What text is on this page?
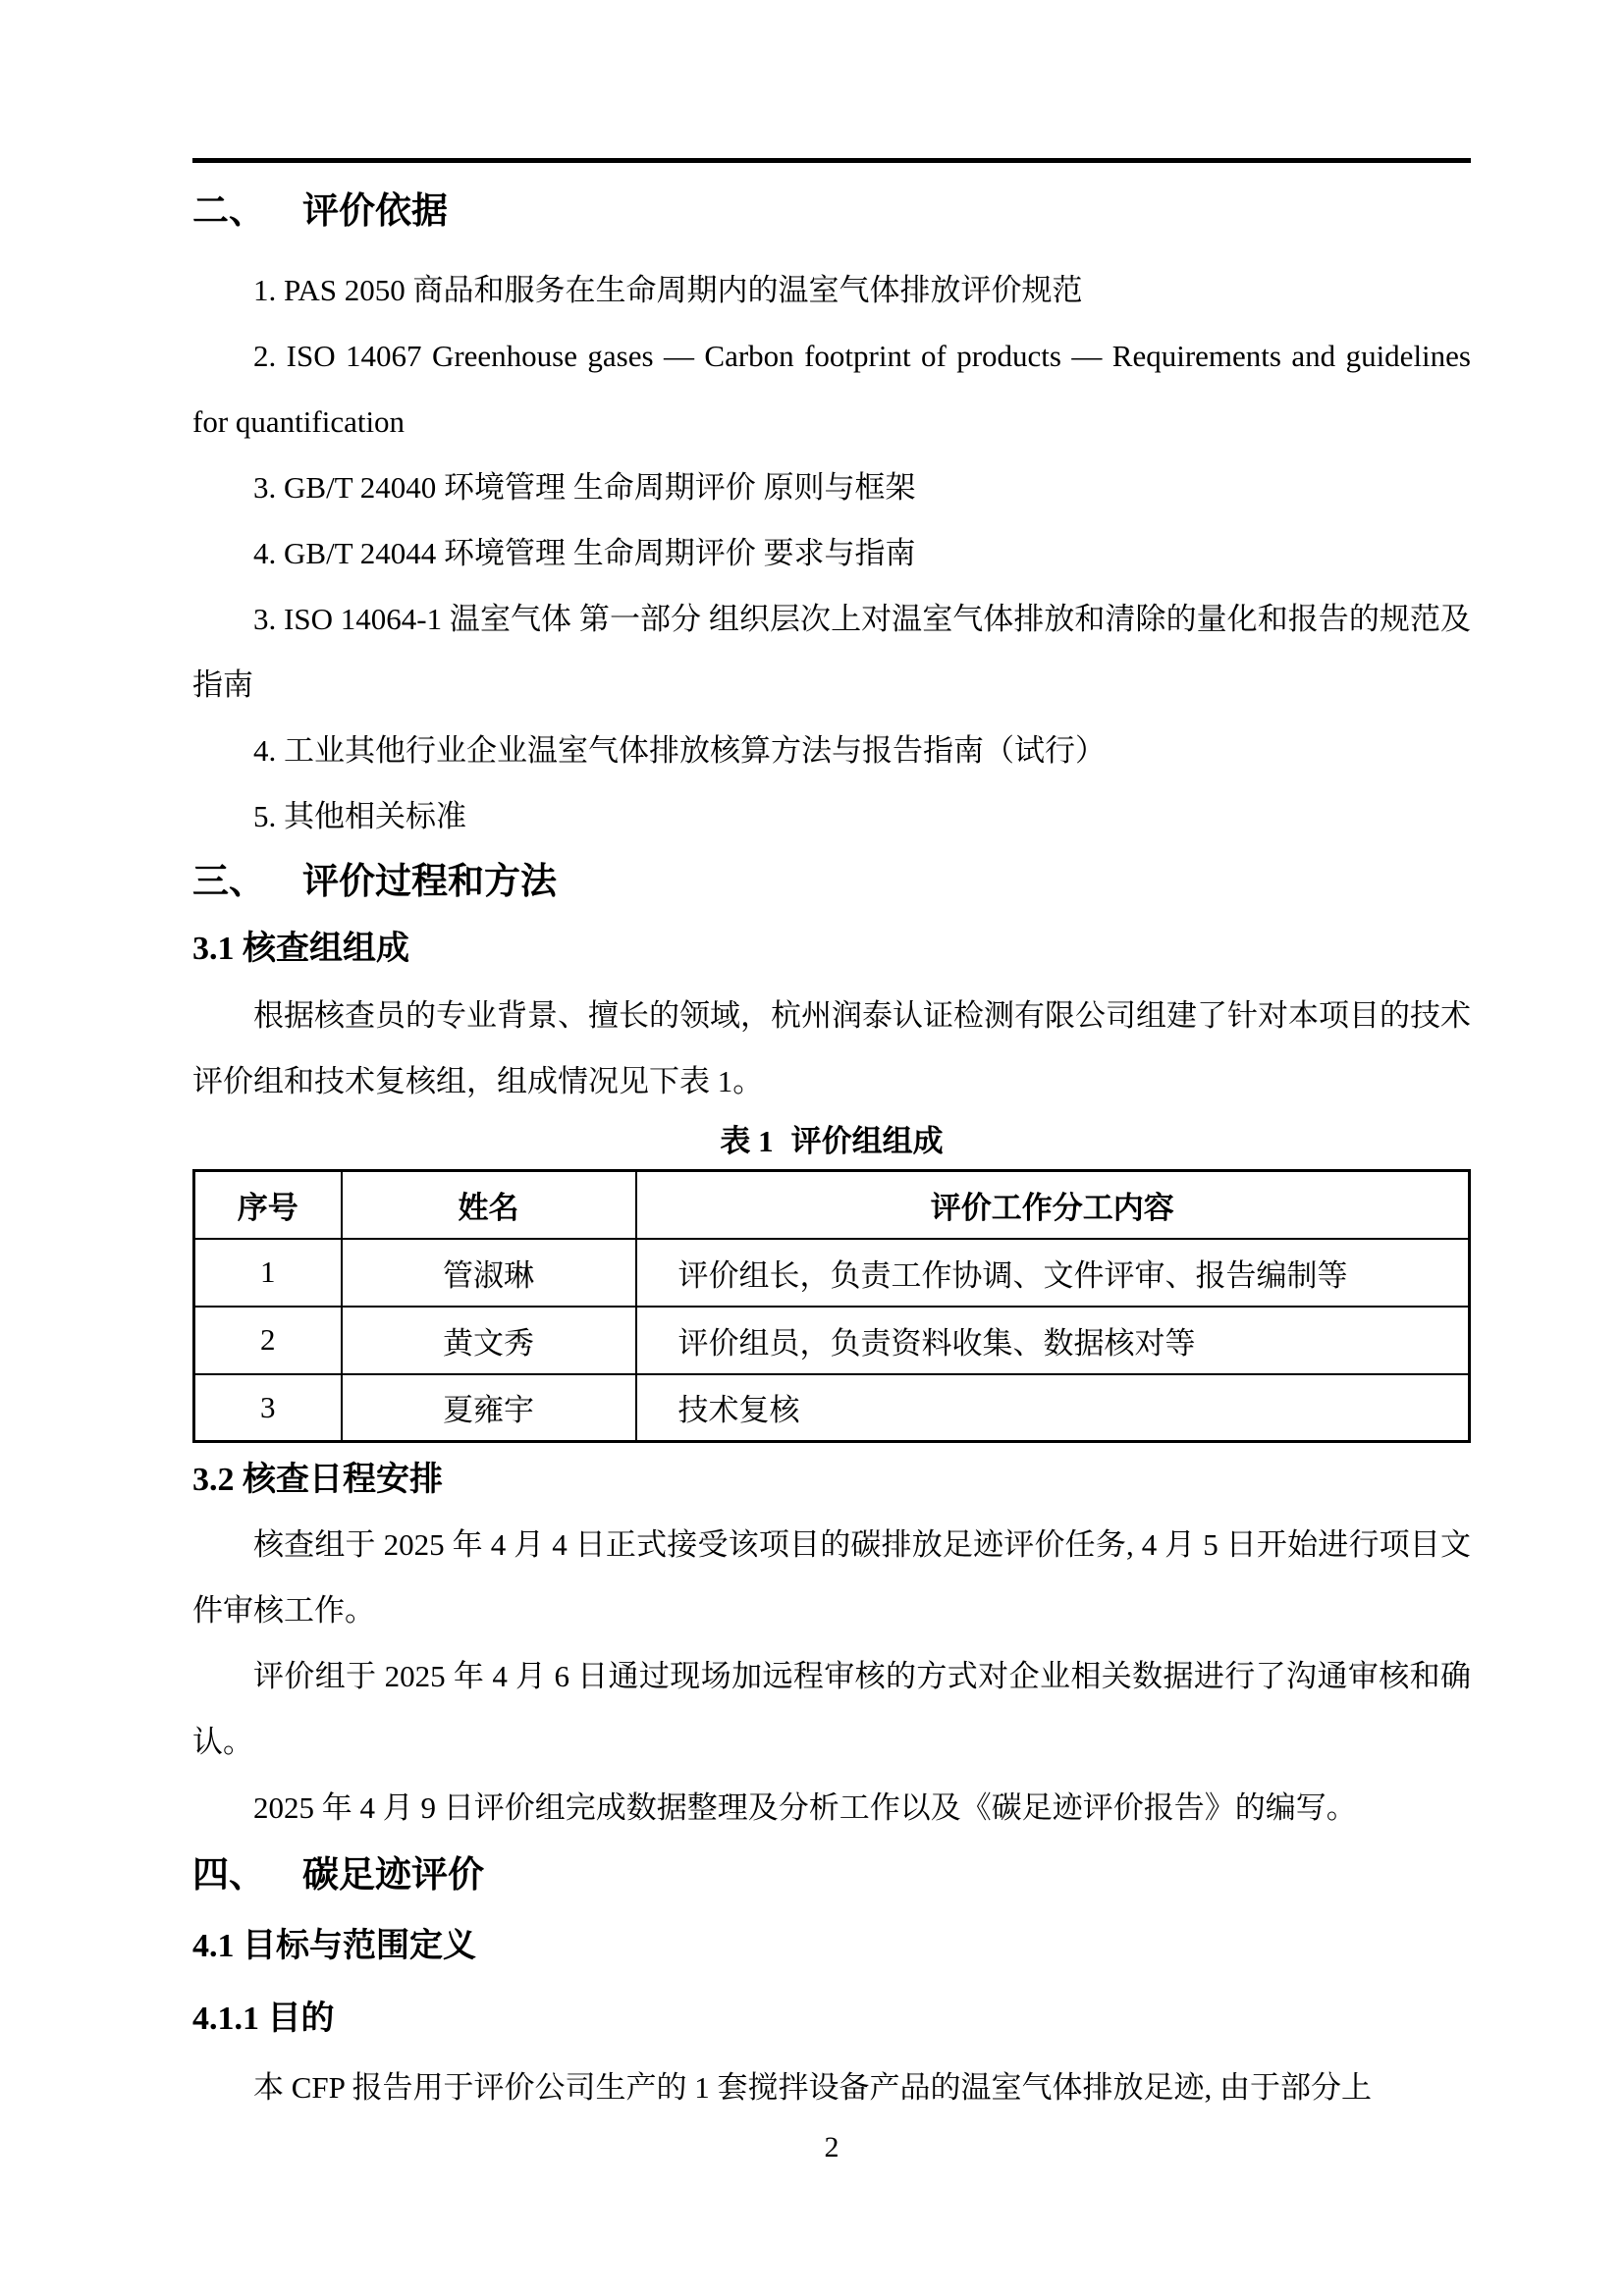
二、 评价依据

1. PAS 2050 商品和服务在生命周期内的温室气体排放评价规范

2. ISO 14067 Greenhouse gases — Carbon footprint of products — Requirements and guidelines for quantification

3. GB/T 24040 环境管理 生命周期评价 原则与框架

4. GB/T 24044 环境管理 生命周期评价 要求与指南

3. ISO 14064-1 温室气体 第一部分 组织层次上对温室气体排放和清除的量化和报告的规范及指南

4. 工业其他行业企业温室气体排放核算方法与报告指南（试行）

5. 其他相关标准

三、 评价过程和方法
3.1 核查组组成

根据核查员的专业背景、擅长的领域，杭州润泰认证检测有限公司组建了针对本项目的技术评价组和技术复核组，组成情况见下表 1。

表 1 评价组组成
序号	姓名	评价工作分工内容
1	管淑琳	评价组长，负责工作协调、文件评审、报告编制等
2	黄文秀	评价组员，负责资料收集、数据核对等
3	夏雍宇	技术复核
3.2 核查日程安排

核查组于 2025 年 4 月 4 日正式接受该项目的碳排放足迹评价任务, 4 月 5 日开始进行项目文件审核工作。

评价组于 2025 年 4 月 6 日通过现场加远程审核的方式对企业相关数据进行了沟通审核和确认。

2025 年 4 月 9 日评价组完成数据整理及分析工作以及《碳足迹评价报告》的编写。

四、 碳足迹评价
4.1 目标与范围定义
4.1.1 目的

本 CFP 报告用于评价公司生产的 1 套搅拌设备产品的温室气体排放足迹, 由于部分上

2
